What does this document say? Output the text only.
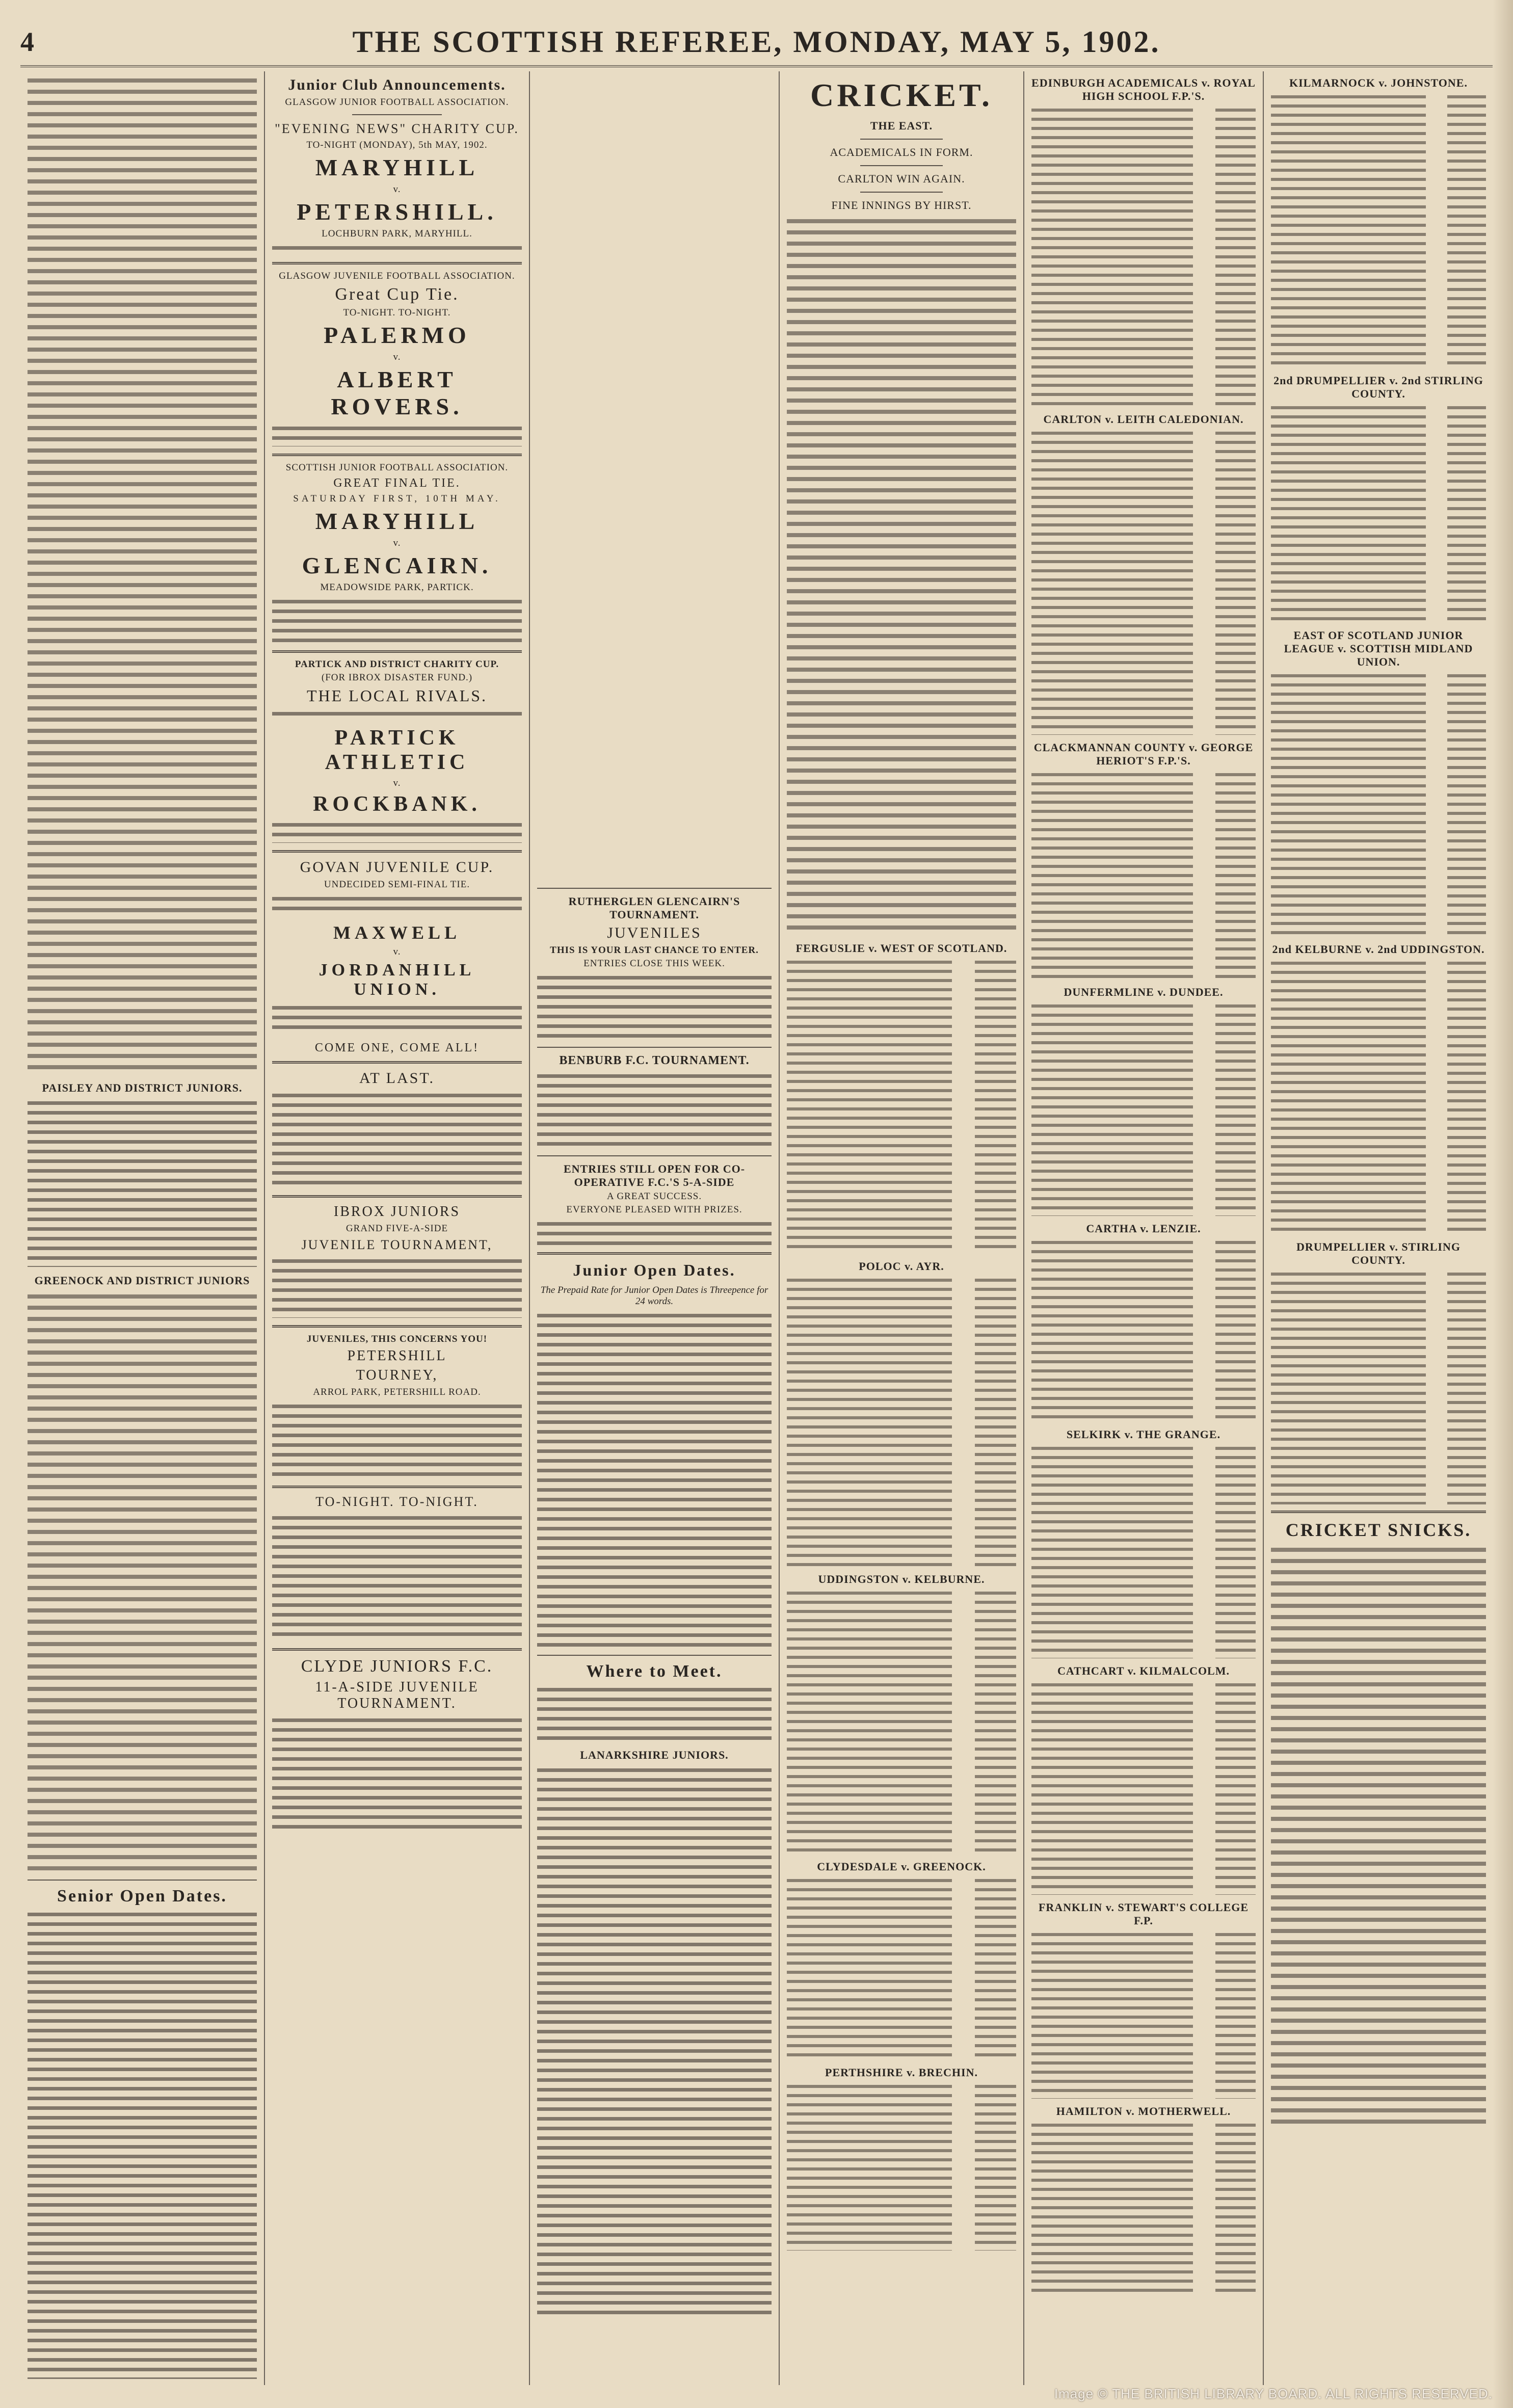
4	THE SCOTTISH REFEREE, MONDAY, MAY 5, 1902.
PAISLEY AND DISTRICT JUNIORS.
GREENOCK AND DISTRICT JUNIORS
Senior Open Dates.
Junior Club Announcements.
GLASGOW JUNIOR FOOTBALL ASSOCIATION.
"EVENING NEWS" CHARITY CUP.
TO-NIGHT (MONDAY), 5th MAY, 1902.
MARYHILL
v.
PETERSHILL.
LOCHBURN PARK, MARYHILL.
GLASGOW JUVENILE FOOTBALL ASSOCIATION.
Great Cup Tie.
TO-NIGHT. TO-NIGHT.
PALERMO
v.
ALBERT ROVERS.
SCOTTISH JUNIOR FOOTBALL ASSOCIATION.
GREAT FINAL TIE.
SATURDAY FIRST, 10TH MAY.
MARYHILL
v.
GLENCAIRN.
MEADOWSIDE PARK, PARTICK.
PARTICK AND DISTRICT CHARITY CUP.
(FOR IBROX DISASTER FUND.)
THE LOCAL RIVALS.
PARTICK ATHLETIC
v.
ROCKBANK.
GOVAN JUVENILE CUP.
UNDECIDED SEMI-FINAL TIE.
MAXWELL
v.
JORDANHILL UNION.
COME ONE, COME ALL!
AT LAST.
IBROX JUNIORS
GRAND FIVE-A-SIDE
JUVENILE TOURNAMENT,
JUVENILES, THIS CONCERNS YOU!
PETERSHILL
TOURNEY,
ARROL PARK, PETERSHILL ROAD.
TO-NIGHT. TO-NIGHT.
CLYDE JUNIORS F.C.
11-A-SIDE JUVENILE TOURNAMENT.
RUTHERGLEN GLENCAIRN'S TOURNAMENT.
JUVENILES
THIS IS YOUR LAST CHANCE TO ENTER.
ENTRIES CLOSE THIS WEEK.
BENBURB F.C. TOURNAMENT.
ENTRIES STILL OPEN FOR CO-OPERATIVE F.C.'S 5-A-SIDE
A GREAT SUCCESS.
EVERYONE PLEASED WITH PRIZES.
Junior Open Dates.
The Prepaid Rate for Junior Open Dates is Threepence for 24 words.
Where to Meet.
LANARKSHIRE JUNIORS.
CRICKET.
THE EAST.
ACADEMICALS IN FORM.
CARLTON WIN AGAIN.
FINE INNINGS BY HIRST.
FERGUSLIE v. WEST OF SCOTLAND.
POLOC v. AYR.
UDDINGSTON v. KELBURNE.
CLYDESDALE v. GREENOCK.
PERTHSHIRE v. BRECHIN.
EDINBURGH ACADEMICALS v. ROYAL HIGH SCHOOL F.P.'S.
CARLTON v. LEITH CALEDONIAN.
CLACKMANNAN COUNTY v. GEORGE HERIOT'S F.P.'S.
DUNFERMLINE v. DUNDEE.
CARTHA v. LENZIE.
SELKIRK v. THE GRANGE.
CATHCART v. KILMALCOLM.
FRANKLIN v. STEWART'S COLLEGE F.P.
HAMILTON v. MOTHERWELL.
KILMARNOCK v. JOHNSTONE.
2nd DRUMPELLIER v. 2nd STIRLING COUNTY.
EAST OF SCOTLAND JUNIOR LEAGUE v. SCOTTISH MIDLAND UNION.
2nd KELBURNE v. 2nd UDDINGSTON.
DRUMPELLIER v. STIRLING COUNTY.
CRICKET SNICKS.
Image © THE BRITISH LIBRARY BOARD. ALL RIGHTS RESERVED.
